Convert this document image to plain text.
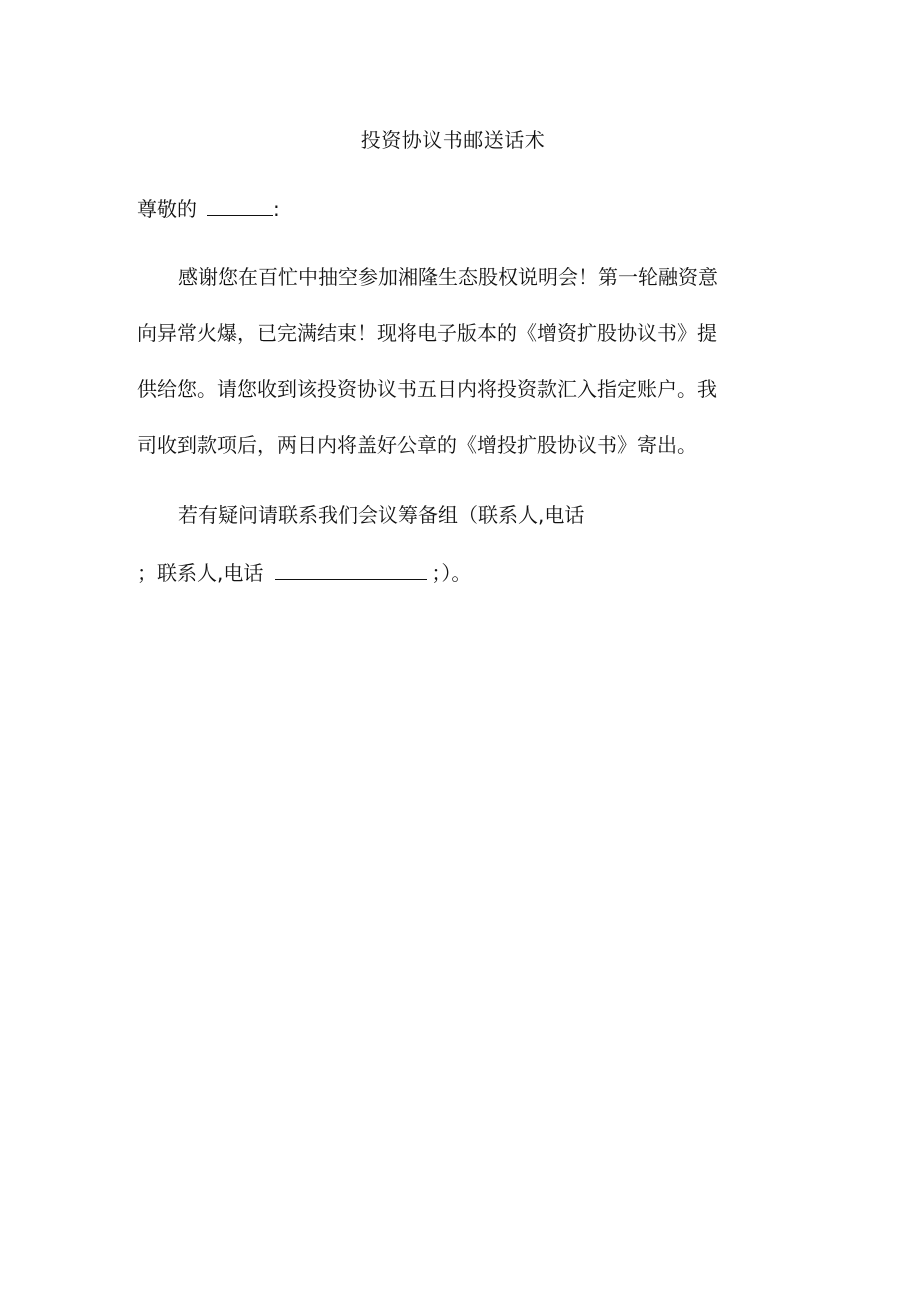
投资协议书邮送话术
尊敬的	:
感谢您在百忙中抽空参加湘隆生态股权说明会！第一轮融资意
向异常火爆，已完满结束！现将电子版本的《增资扩股协议书》提
供给您。请您收到该投资协议书五日内将投资款汇入指定账户。我
司收到款项后，两日内将盖好公章的《增投扩股协议书》寄出。
若有疑问请联系我们会议筹备组（联系人,电话
；联系人,电话	；）。
